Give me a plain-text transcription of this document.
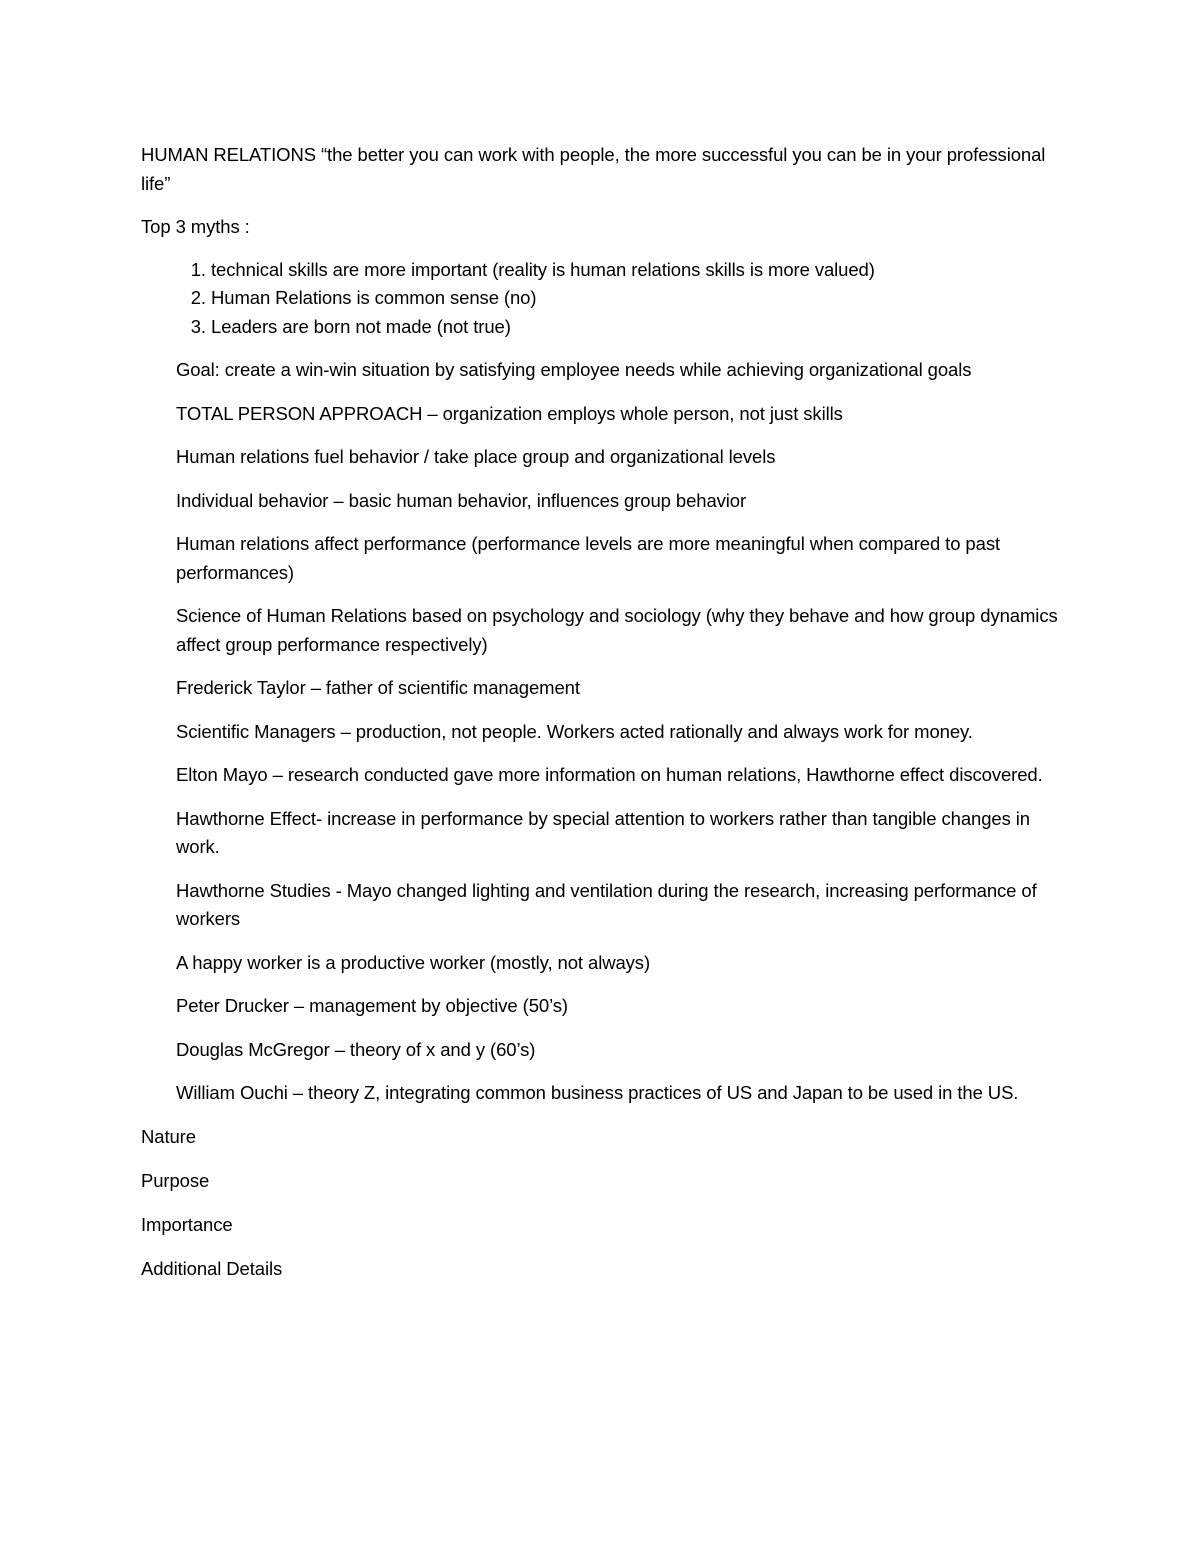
HUMAN RELATIONS “the better you can work with people, the more successful you can be in your professional life”

Top 3 myths :

1. technical skills are more important (reality is human relations skills is more valued)
2. Human Relations is common sense (no)
3. Leaders are born not made (not true)

Goal: create a win-win situation by satisfying employee needs while achieving organizational goals

TOTAL PERSON APPROACH – organization employs whole person, not just skills

Human relations fuel behavior / take place group and organizational levels

Individual behavior – basic human behavior, influences group behavior

Human relations affect performance (performance levels are more meaningful when compared to past performances)

Science of Human Relations based on psychology and sociology (why they behave and how group dynamics affect group performance respectively)

Frederick Taylor – father of scientific management

Scientific Managers – production, not people. Workers acted rationally and always work for money.

Elton Mayo – research conducted gave more information on human relations, Hawthorne effect discovered.

Hawthorne Effect- increase in performance by special attention to workers rather than tangible changes in work.

Hawthorne Studies - Mayo changed lighting and ventilation during the research, increasing performance of workers

A happy worker is a productive worker (mostly, not always)

Peter Drucker – management by objective (50’s)

Douglas McGregor – theory of x and y (60’s)

William Ouchi – theory Z, integrating common business practices of US and Japan to be used in the US.

Nature

Purpose

Importance

Additional Details
